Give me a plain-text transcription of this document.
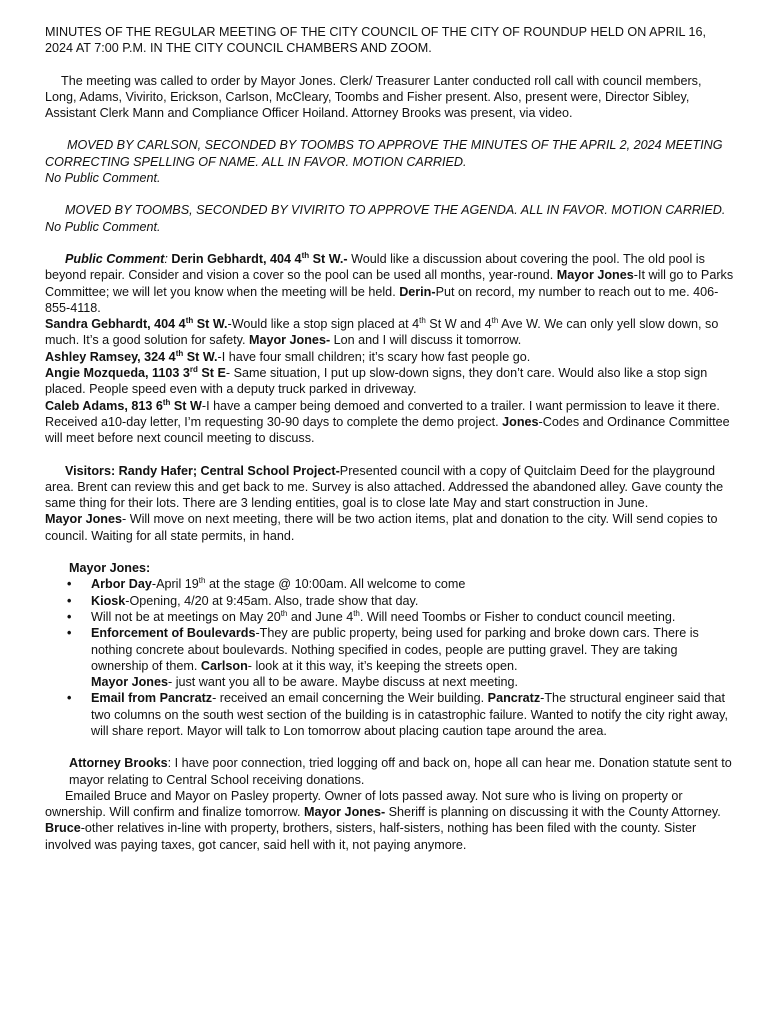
MINUTES OF THE REGULAR MEETING OF THE CITY COUNCIL OF THE CITY OF ROUNDUP HELD ON APRIL 16, 2024 AT 7:00 P.M. IN THE CITY COUNCIL CHAMBERS AND ZOOM.

The meeting was called to order by Mayor Jones. Clerk/ Treasurer Lanter conducted roll call with council members, Long, Adams, Vivirito, Erickson, Carlson, McCleary, Toombs and Fisher present. Also, present were, Director Sibley, Assistant Clerk Mann and Compliance Officer Hoiland. Attorney Brooks was present, via video.

MOVED BY CARLSON, SECONDED BY TOOMBS TO APPROVE THE MINUTES OF THE APRIL 2, 2024 MEETING CORRECTING SPELLING OF NAME. ALL IN FAVOR. MOTION CARRIED.

No Public Comment.

MOVED BY TOOMBS, SECONDED BY VIVIRITO TO APPROVE THE AGENDA. ALL IN FAVOR. MOTION CARRIED.

No Public Comment.

Public Comment: Derin Gebhardt, 404 4th St W.- Would like a discussion about covering the pool. The old pool is beyond repair. Consider and vision a cover so the pool can be used all months, year-round. Mayor Jones-It will go to Parks Committee; we will let you know when the meeting will be held. Derin-Put on record, my number to reach out to me. 406-855-4118.

Sandra Gebhardt, 404 4th St W.-Would like a stop sign placed at 4th St W and 4th Ave W. We can only yell slow down, so much. It’s a good solution for safety. Mayor Jones- Lon and I will discuss it tomorrow.

Ashley Ramsey, 324 4th St W.-I have four small children; it’s scary how fast people go.

Angie Mozqueda, 1103 3rd St E- Same situation, I put up slow-down signs, they don’t care. Would also like a stop sign placed. People speed even with a deputy truck parked in driveway.

Caleb Adams, 813 6th St W-I have a camper being demoed and converted to a trailer. I want permission to leave it there. Received a10-day letter, I’m requesting 30-90 days to complete the demo project. Jones-Codes and Ordinance Committee will meet before next council meeting to discuss.

Visitors: Randy Hafer; Central School Project-Presented council with a copy of Quitclaim Deed for the playground area. Brent can review this and get back to me. Survey is also attached. Addressed the abandoned alley. Gave county the same thing for their lots. There are 3 lending entities, goal is to close late May and start construction in June.

Mayor Jones- Will move on next meeting, there will be two action items, plat and donation to the city. Will send copies to council. Waiting for all state permits, in hand.

Mayor Jones:

• Arbor Day-April 19th at the stage @ 10:00am. All welcome to come
• Kiosk-Opening, 4/20 at 9:45am. Also, trade show that day.
• Will not be at meetings on May 20th and June 4th. Will need Toombs or Fisher to conduct council meeting.
• Enforcement of Boulevards-They are public property, being used for parking and broke down cars. There is nothing concrete about boulevards. Nothing specified in codes, people are putting gravel. They are taking ownership of them. Carlson- look at it this way, it’s keeping the streets open.
Mayor Jones- just want you all to be aware. Maybe discuss at next meeting.
• Email from Pancratz- received an email concerning the Weir building. Pancratz-The structural engineer said that two columns on the south west section of the building is in catastrophic failure. Wanted to notify the city right away, will share report. Mayor will talk to Lon tomorrow about placing caution tape around the area.

Attorney Brooks: I have poor connection, tried logging off and back on, hope all can hear me. Donation statute sent to mayor relating to Central School receiving donations.

Emailed Bruce and Mayor on Pasley property. Owner of lots passed away. Not sure who is living on property or ownership. Will confirm and finalize tomorrow. Mayor Jones- Sheriff is planning on discussing it with the County Attorney. Bruce-other relatives in-line with property, brothers, sisters, half-sisters, nothing has been filed with the county. Sister involved was paying taxes, got cancer, said hell with it, not paying anymore.
